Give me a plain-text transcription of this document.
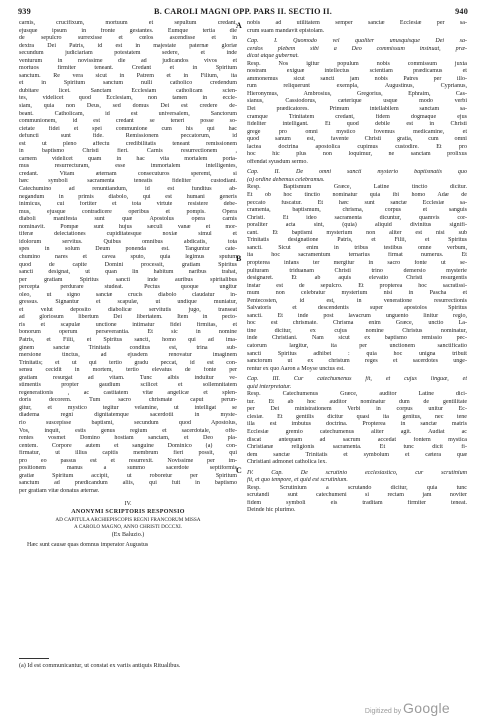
939	B. CAROLI MAGNI OPP. PARS II. SECTIO II.	940
A
B
C
carnis, crucifixum, mortuum et sepultum credant,
ejusque ipsum in fronte gestantes. Eumque tertia die
de sepulcro surrexisse et cœlos ascendisse et in
dextra Dei Patris, id est in majestate paternæ gloriæ
secundum judiciariam potestatem sedere, et inde
venturum in novissime die ad judicandos vivos et
mortuos firmiter teneant. Credant et in Spiritum
sanctum. Re vera sicut in Patrem et in Filium, ita
et in Spiritum sanctum nulli catholico credendum
dubitare licet. Sanctam Ecclesiam catholicam scien-
tes, videlicet quod Ecclesiam, non tamen in eccle-
siam, quia non Deus, sed domus Dei est credere de-
beant. Catholicam, id est universalem, Sanctorum
communionem, id est credant se teneri posse so-
cietate fidei et spei communione cum his qui hac
defuncti sunt fide. Remissionem peccatorum, id
est ut pleno affectu credibilitatis teneant remissionem
in baptismo Christi fieri. Carnis resurrectionem ,
carnem videlicet quam in hac vita mortalem porta-
mus resurrecturam, esse immortalem intelligentes,
credant. Vitam æternam consecuturos speremt, si
hæc symboli sacramenta teneatis fideliter custodiant.
Catechumino ad renuntiandum, id est funditus ab-
negandum in primis diabolo, qui est humani generis
inimicus, cui fortiter et tota virtute resistere debe-
mus, ejusque contradicere operibus et pompis. Opera
diaboli manifesta sunt quæ Apostolus opera carnis
nominavit. Pompæ sunt hujus sæculi vanæ et mor-
tiferæ delectationes cupiditatesque noxiæ simul et
idolorum servitus. Quibus omnibus abdicatis, tota
spes in solum Deum ponenda est. Tanguntur cate-
chumino nares et cavea sputo, quia legimus sputum
quod de capite Domini processit, gratiam Spiritus
sancti designat, ut quan lin habitum naribus trahat,
per gratiam Spiritus sancti inde auribus spiritalibus
percepta perdurare studeat. Pectus quoque ungitur
oleo, ut signo sanctæ crucis diabolo claudatur in-
gressus. Signantur et scapulæ, ut undique muniatur,
et velut deposito diabolicæ servitutis jugo, transeat
ad gloriosum libertum Dei libertatem. Item in pecto-
ris et scapulæ unctione intimatur fidei firmitas, et
bonorum operum perseverantia. Et sic in nomine
Patris, et Filii, et Spiritus sancti, homo qui ad ima-
ginem sanctæ Trinitatis conditus est, trina sub-
mersione tinctus, ad ejusdem renovatur imaginem
Trinitatis; et ut qui tertio gradu peccat, id est con-
sensu cecidit in mortem, tertio elevatus de fonte per
gratiam resurgat ad vitam. Tunc albis induitur ve-
stimentis propter gaudium scilicet et sollemnitatem
regenerationis , ac castitatem vitæ angelicæ et splen-
doris decorem. Tum sacro chrismate caput perun-
gitur, et mystico tegitur velamine, ut intelligat se
diadema regni dignitatemque sacerdotii in myste-
rio suscepisse baptismi, secundum quod Apostolus,
Vos, inquit, estis genus regium et sacerdotale, offe-
rentes vosmet Domino hostiam sanctam, et Deo pla-
centem. Corpore autem et sanguine Dominico (a) con-
firmatur, ut illius capitis membrum fieri possit, qui
pro eo passus est et resurrexit. Novissime per im-
positionem manus a summo sacerdote septiformis
gratiæ Spiritum accipit, ut roboretur per Spiritum
sanctum ad prædicandum aliis, qui fuit in baptismo
per gratiam vitæ donatus æternæ.
IV.
ANONYMI SCRIPTORIS RESPONSIO
AD CAPITULA ARCHIEPISCOPIS REGNI FRANCORUM MISSA
A CAROLO MAGNO, ANNO CHRISTI DCCCXI.
(Ex Baluzio.)
Hæc sunt causæ quas domnus imperator Augustus
nobis ad utilitatem semper sanctæ Ecclesiæ per sa-
crum suam mandavit epistolam.
Cap. I. Quomodo vel qualiter unusquisque Dei sa-
cerdos plebem sibi a Deo commissum insinuat, præ-
dicat atque gubernat.
Resp. Nos igitur populum nobis commissum juxta
nostram exiguæ intellectus scientiam prædicamus et
ammonemus sicut sancti jam nobis Patres per illo-
rum reliquerunt exempla, Augustinus, Cyprianus,
Hieronymus, Ambrosius, Gregorius, Ephraim, Cas-
sianus, Cassiodorus, cæterique usque modo verbi
Dei prædicatores. Primum intellabilem sanctam sa-
cramque Trinitatem credant, fidem dogmaque ejus
fideliter intelligant. Et quod debile est in Christi
grege pro omni mystico fovemus medicamine, et
quod sanum est, favente Christi gratia, cum omni
lactea doctrina apostolica cupimus custodire. Et pro
hoc hic plus non loquimur, ne sanctam prolixus
offendat syusdum sermo.
Cap. II. De omni sancti mysterio baptismatis quo
(a) ordine debemus celebramus.
Resp. Baptismum Græce, Latine tinctio dicitur.
Et ob hoc tinctio nominatur quia ibi homo Adæ de
peccato fuscatur. Et hæc sunt sanctæ Ecclesiæ sa-
cramenta, baptismum, chrisma, corpus et sanguis
Christi. Et ideo sacramenta dicuntur, quamvis cor-
poraliter acta sint, (quia) aliquid divinitus signifi-
cant. Et baptismi mysterium non aliter est nisi sub
Trinitatis designatione Patris, et Filii, et Spiritus
sancti. Sicut enim in tribus testibus omne verbum,
ita hoc sacramentum ternarius firmat numerus. Et
propterea infans ter mergitur in sacro fonte ut se-
pulturam triduanam Christi trino demersio mysterie
designaret. Et ab aquis elevatio Christi resurgentis
instar est de sepulcro. Et propterea hoc sacratissi-
mum non celebratur mysterium nisi in Pascha et
Pentecosten, id est, in veneratione resurrectionis
Salvatoris et descendentis super apostolos Spiritus
sancti. Et inde post lavacrum unguento linitur regio,
hoc est chrismate. Chrisma enim Græce, unctio La-
tine dicitur, ex cujus nomine Christus nominatur,
inde Christiani. Nam sicut ex baptismo remissio pec-
catorum largitur, ita per unctionem sanctificatio
sancti Spiritus adhibet : quia hoc unigna tribuit
sanctorum ut ex christum reges et sacerdotes unge-
rentur ex quo Aaron a Moyse unctus est.
Cap. III. Cur catechumenus fit, et cujus linguæ, et
quid interpretatur.
Resp. Catechumenus Græce, auditor Latine dici-
tur. Et ab hoc auditor nominatur dum de gentilitate
per Dei ministrationem Verbi in corpus unitur Ec-
clesiæ. Et gentilis dicitur quasi ita genitus, nec tene
illa est imbutus doctrina. Propterea in sanctæ matris
Ecclesiæ gremio catechumenus aliter agit. Audiat ac
discat antequam ad sacrum accedat fontem mystica
Christianæ religionis sacramenta. Et tunc dicit fi-
dem sanctæ Trinitatis et symbolum et cætera quæ
Christiani admonet catholica lex.
IV. Cap. De scrutinio ecclesiastico, cur scrutinium
fit, et quo tempore, et quid est scrutinium.
Resp. Scrutinium a scrutando dicitur, quia tunc
scrutandi sunt catechumeni si rectam jam noviter
fidem symboli eis traditam firmiter teneat.
Deinde hic plurimo.
(a) Id est communicantur, ut constat ex variis antiquis Ritualibus.
Digitized by Google
